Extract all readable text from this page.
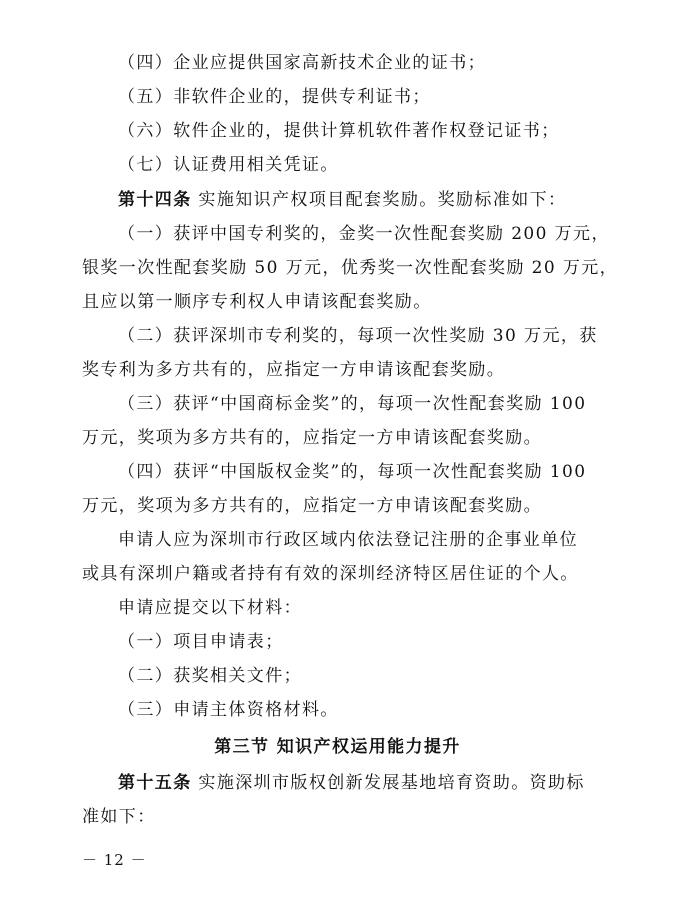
（四）企业应提供国家高新技术企业的证书；
（五）非软件企业的，提供专利证书；
（六）软件企业的，提供计算机软件著作权登记证书；
（七）认证费用相关凭证。
第十四条 实施知识产权项目配套奖励。奖励标准如下：
（一）获评中国专利奖的，金奖一次性配套奖励 200 万元，
银奖一次性配套奖励 50 万元，优秀奖一次性配套奖励 20 万元，
且应以第一顺序专利权人申请该配套奖励。
（二）获评深圳市专利奖的，每项一次性奖励 30 万元，获
奖专利为多方共有的，应指定一方申请该配套奖励。
（三）获评“中国商标金奖”的，每项一次性配套奖励 100
万元，奖项为多方共有的，应指定一方申请该配套奖励。
（四）获评“中国版权金奖”的，每项一次性配套奖励 100
万元，奖项为多方共有的，应指定一方申请该配套奖励。
申请人应为深圳市行政区域内依法登记注册的企事业单位
或具有深圳户籍或者持有有效的深圳经济特区居住证的个人。
申请应提交以下材料：
（一）项目申请表；
（二）获奖相关文件；
（三）申请主体资格材料。
第三节 知识产权运用能力提升
第十五条 实施深圳市版权创新发展基地培育资助。资助标
准如下：
－ 12 －
